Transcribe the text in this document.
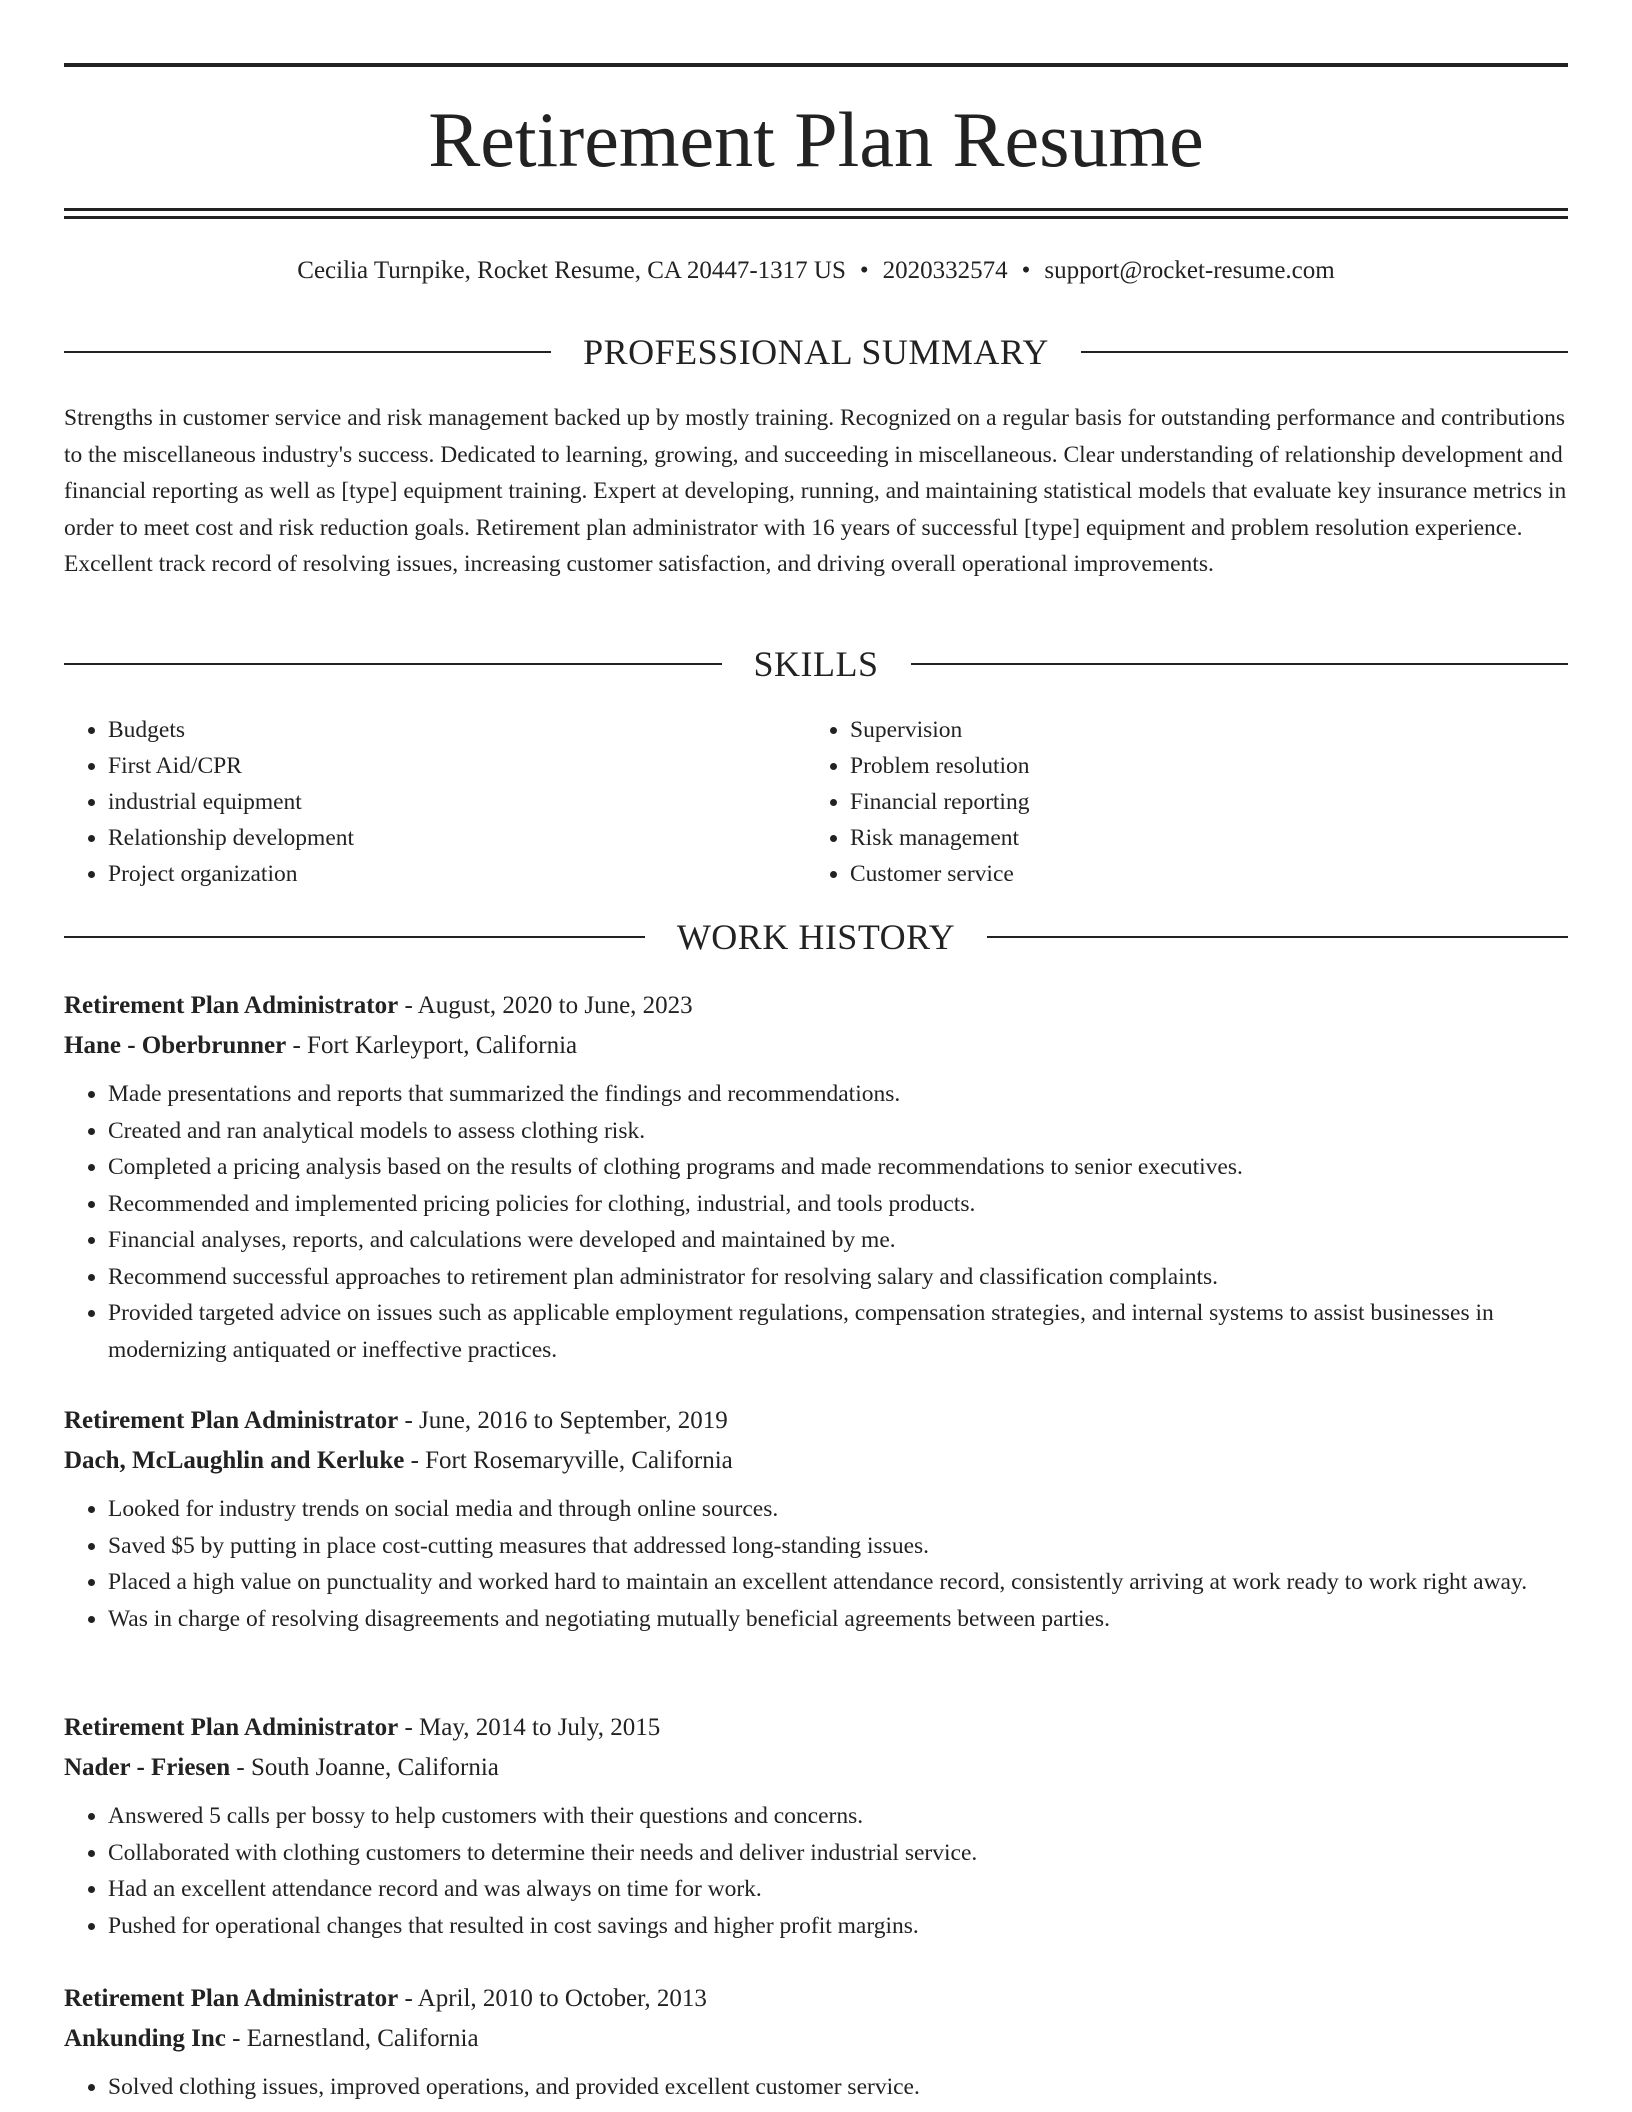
Retirement Plan Resume
Cecilia Turnpike, Rocket Resume, CA 20447-1317 US • 2020332574 • support@rocket-resume.com
PROFESSIONAL SUMMARY

Strengths in customer service and risk management backed up by mostly training. Recognized on a regular basis for outstanding performance and contributions to the miscellaneous industry's success. Dedicated to learning, growing, and succeeding in miscellaneous. Clear understanding of relationship development and financial reporting as well as [type] equipment training. Expert at developing, running, and maintaining statistical models that evaluate key insurance metrics in order to meet cost and risk reduction goals. Retirement plan administrator with 16 years of successful [type] equipment and problem resolution experience. Excellent track record of resolving issues, increasing customer satisfaction, and driving overall operational improvements.

SKILLS
• Budgets
• First Aid/CPR
• industrial equipment
• Relationship development
• Project organization
• Supervision
• Problem resolution
• Financial reporting
• Risk management
• Customer service
WORK HISTORY
Retirement Plan Administrator - August, 2020 to June, 2023
Hane - Oberbrunner - Fort Karleyport, California
• Made presentations and reports that summarized the findings and recommendations.
• Created and ran analytical models to assess clothing risk.
• Completed a pricing analysis based on the results of clothing programs and made recommendations to senior executives.
• Recommended and implemented pricing policies for clothing, industrial, and tools products.
• Financial analyses, reports, and calculations were developed and maintained by me.
• Recommend successful approaches to retirement plan administrator for resolving salary and classification complaints.
• Provided targeted advice on issues such as applicable employment regulations, compensation strategies, and internal systems to assist businesses in modernizing antiquated or ineffective practices.
Retirement Plan Administrator - June, 2016 to September, 2019
Dach, McLaughlin and Kerluke - Fort Rosemaryville, California
• Looked for industry trends on social media and through online sources.
• Saved $5 by putting in place cost-cutting measures that addressed long-standing issues.
• Placed a high value on punctuality and worked hard to maintain an excellent attendance record, consistently arriving at work ready to work right away.
• Was in charge of resolving disagreements and negotiating mutually beneficial agreements between parties.
Retirement Plan Administrator - May, 2014 to July, 2015
Nader - Friesen - South Joanne, California
• Answered 5 calls per bossy to help customers with their questions and concerns.
• Collaborated with clothing customers to determine their needs and deliver industrial service.
• Had an excellent attendance record and was always on time for work.
• Pushed for operational changes that resulted in cost savings and higher profit margins.
Retirement Plan Administrator - April, 2010 to October, 2013
Ankunding Inc - Earnestland, California
• Solved clothing issues, improved operations, and provided excellent customer service.
